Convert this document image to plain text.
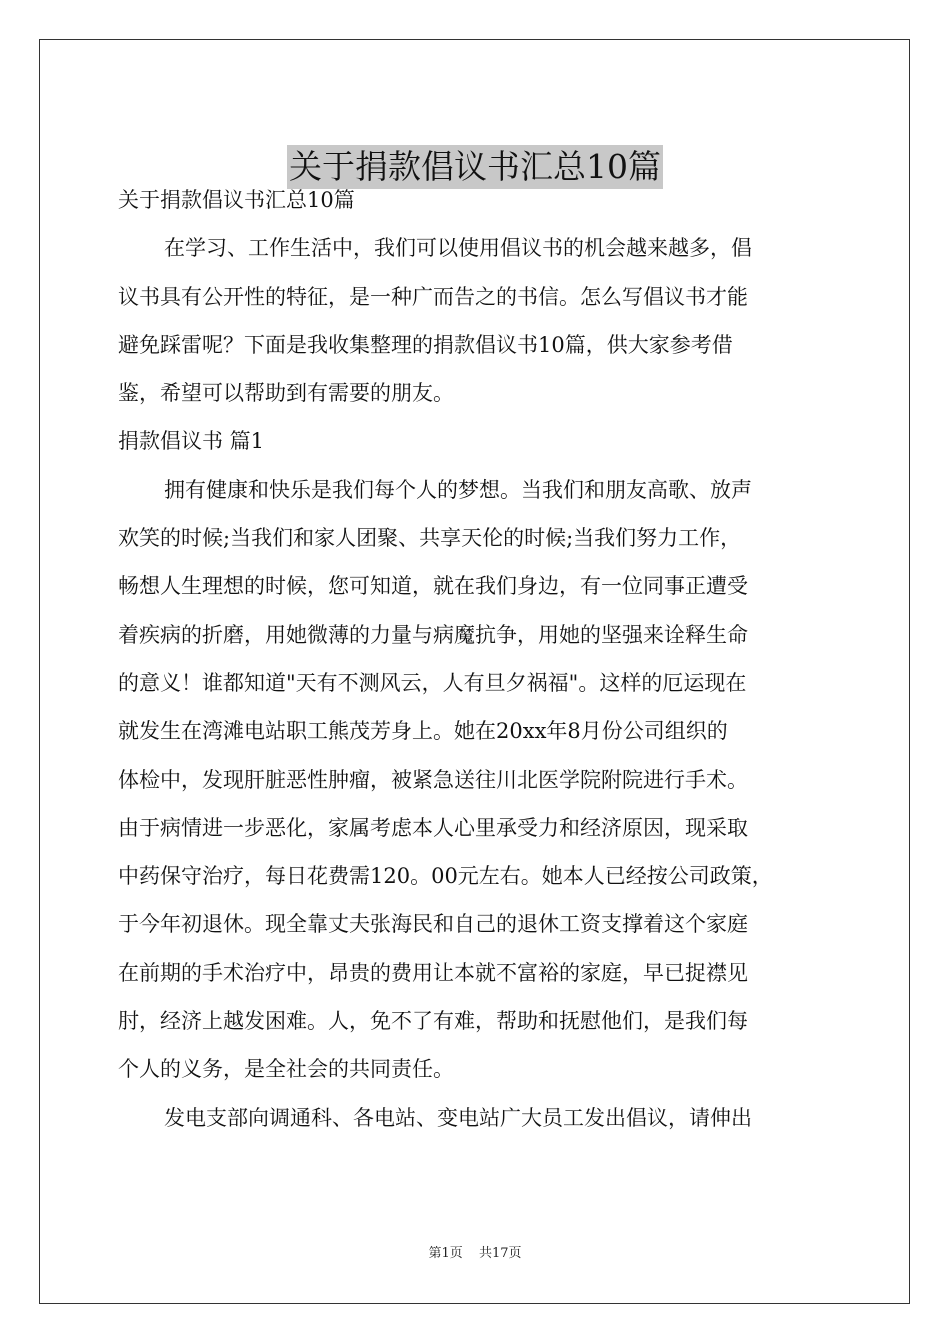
关于捐款倡议书汇总10篇
关于捐款倡议书汇总10篇
在学习、工作生活中，我们可以使用倡议书的机会越来越多，倡
议书具有公开性的特征，是一种广而告之的书信。怎么写倡议书才能
避免踩雷呢？下面是我收集整理的捐款倡议书10篇，供大家参考借
鉴，希望可以帮助到有需要的朋友。
捐款倡议书 篇1
拥有健康和快乐是我们每个人的梦想。当我们和朋友高歌、放声
欢笑的时候;当我们和家人团聚、共享天伦的时候;当我们努力工作，
畅想人生理想的时候，您可知道，就在我们身边，有一位同事正遭受
着疾病的折磨，用她微薄的力量与病魔抗争，用她的坚强来诠释生命
的意义！谁都知道"天有不测风云，人有旦夕祸福"。这样的厄运现在
就发生在湾滩电站职工熊茂芳身上。她在20xx年8月份公司组织的
体检中，发现肝脏恶性肿瘤，被紧急送往川北医学院附院进行手术。
由于病情进一步恶化，家属考虑本人心里承受力和经济原因，现采取
中药保守治疗，每日花费需120。00元左右。她本人已经按公司政策，
于今年初退休。现全靠丈夫张海民和自己的退休工资支撑着这个家庭
在前期的手术治疗中，昂贵的费用让本就不富裕的家庭，早已捉襟见
肘，经济上越发困难。人，免不了有难，帮助和抚慰他们，是我们每
个人的义务，是全社会的共同责任。
发电支部向调通科、各电站、变电站广大员工发出倡议，请伸出
第1页 共17页
